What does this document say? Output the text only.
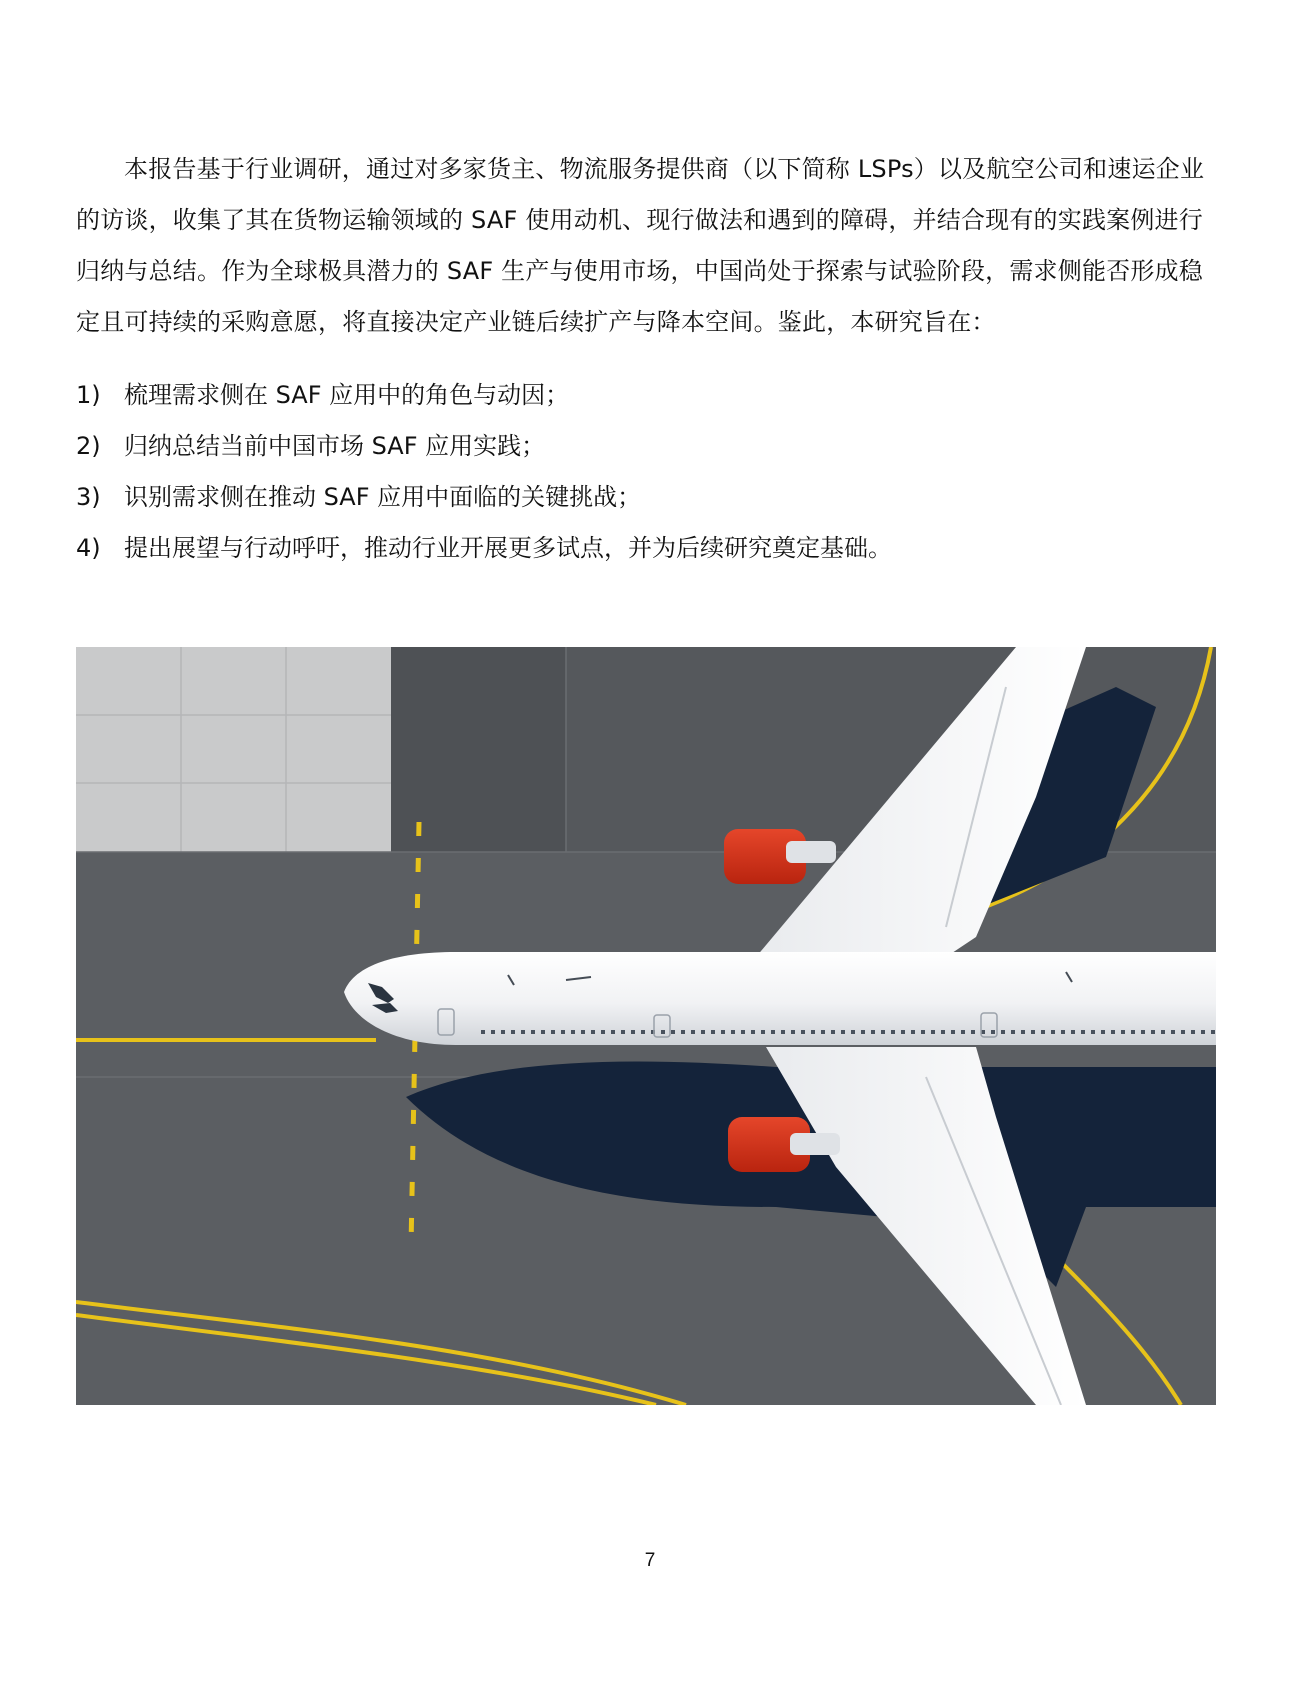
本报告基于行业调研，通过对多家货主、物流服务提供商（以下简称 LSPs）以及航空公司和速运企业的访谈，收集了其在货物运输领域的 SAF 使用动机、现行做法和遇到的障碍，并结合现有的实践案例进行归纳与总结。作为全球极具潜力的 SAF 生产与使用市场，中国尚处于探索与试验阶段，需求侧能否形成稳定且可持续的采购意愿，将直接决定产业链后续扩产与降本空间。鉴此，本研究旨在：

1) 梳理需求侧在 SAF 应用中的角色与动因；
2) 归纳总结当前中国市场 SAF 应用实践；
3) 识别需求侧在推动 SAF 应用中面临的关键挑战；
4) 提出展望与行动呼吁，推动行业开展更多试点，并为后续研究奠定基础。
7
